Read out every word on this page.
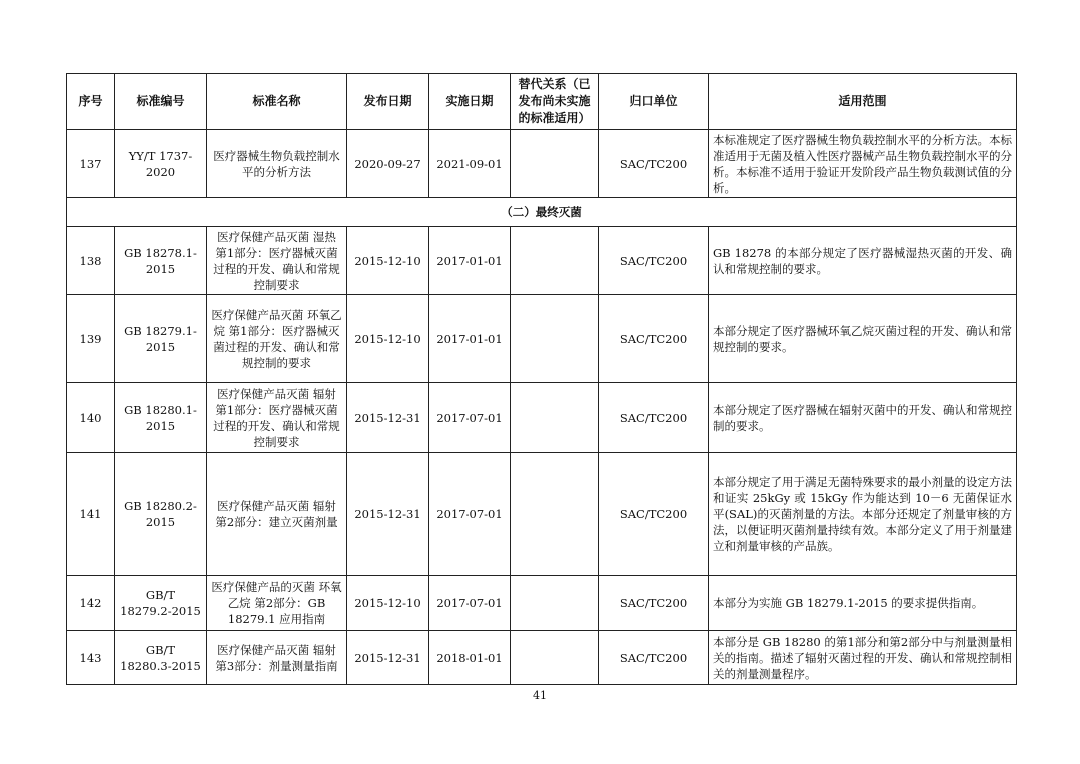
序号	标准编号	标准名称	发布日期	实施日期	替代关系（已发布尚未实施的标准适用）	归口单位	适用范围
137	YY/T 1737-2020	医疗器械生物负载控制水平的分析方法	2020-09-27	2021-09-01		SAC/TC200	本标准规定了医疗器械生物负载控制水平的分析方法。本标准适用于无菌及植入性医疗器械产品生物负载控制水平的分析。本标准不适用于验证开发阶段产品生物负载测试值的分析。
（二）最终灭菌							
138	GB 18278.1-2015	医疗保健产品灭菌 湿热 第1部分：医疗器械灭菌过程的开发、确认和常规控制要求	2015-12-10	2017-01-01		SAC/TC200	GB 18278 的本部分规定了医疗器械湿热灭菌的开发、确认和常规控制的要求。
139	GB 18279.1-2015	医疗保健产品灭菌 环氧乙烷 第1部分：医疗器械灭菌过程的开发、确认和常规控制的要求	2015-12-10	2017-01-01		SAC/TC200	本部分规定了医疗器械环氧乙烷灭菌过程的开发、确认和常规控制的要求。
140	GB 18280.1-2015	医疗保健产品灭菌 辐射 第1部分：医疗器械灭菌过程的开发、确认和常规控制要求	2015-12-31	2017-07-01		SAC/TC200	本部分规定了医疗器械在辐射灭菌中的开发、确认和常规控制的要求。
141	GB 18280.2-2015	医疗保健产品灭菌 辐射 第2部分：建立灭菌剂量	2015-12-31	2017-07-01		SAC/TC200	本部分规定了用于满足无菌特殊要求的最小剂量的设定方法和证实 25kGy 或 15kGy 作为能达到 10－6 无菌保证水平(SAL)的灭菌剂量的方法。本部分还规定了剂量审核的方法，以便证明灭菌剂量持续有效。本部分定义了用于剂量建立和剂量审核的产品族。
142	GB/T 18279.2-2015	医疗保健产品的灭菌 环氧乙烷 第2部分：GB 18279.1 应用指南	2015-12-10	2017-07-01		SAC/TC200	本部分为实施 GB 18279.1-2015 的要求提供指南。
143	GB/T 18280.3-2015	医疗保健产品灭菌 辐射 第3部分：剂量测量指南	2015-12-31	2018-01-01		SAC/TC200	本部分是 GB 18280 的第1部分和第2部分中与剂量测量相关的指南。描述了辐射灭菌过程的开发、确认和常规控制相关的剂量测量程序。
41
